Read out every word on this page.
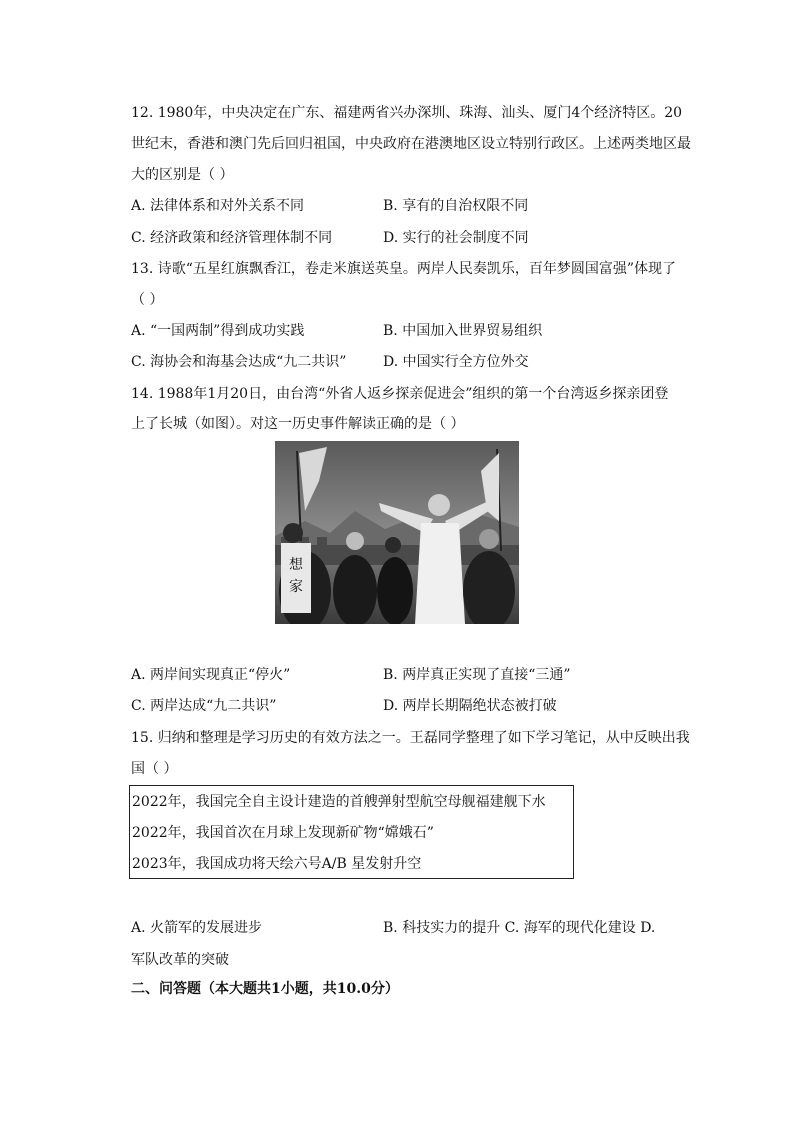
12. 1980年，中央决定在广东、福建两省兴办深圳、珠海、汕头、厦门4个经济特区。20
世纪末，香港和澳门先后回归祖国，中央政府在港澳地区设立特别行政区。上述两类地区最
大的区别是（ ）
A. 法律体系和对外关系不同	B. 享有的自治权限不同
C. 经济政策和经济管理体制不同	D. 实行的社会制度不同
13. 诗歌“五星红旗飘香江，卷走米旗送英皇。两岸人民奏凯乐，百年梦圆国富强”体现了
（ ）
A. “一国两制”得到成功实践	B. 中国加入世界贸易组织
C. 海协会和海基会达成“九二共识”	D. 中国实行全方位外交
14. 1988年1月20日，由台湾“外省人返乡探亲促进会”组织的第一个台湾返乡探亲团登
上了长城（如图）。对这一历史事件解读正确的是（ ）
想
家
A. 两岸间实现真正“停火”	B. 两岸真正实现了直接“三通”
C. 两岸达成“九二共识”	D. 两岸长期隔绝状态被打破
15. 归纳和整理是学习历史的有效方法之一。王磊同学整理了如下学习笔记，从中反映出我
国（ ）
2022年，我国完全自主设计建造的首艘弹射型航空母舰福建舰下水
2022年，我国首次在月球上发现新矿物“嫦娥石”
2023年，我国成功将天绘六号A/B 星发射升空
A. 火箭军的发展进步	B. 科技实力的提升 C. 海军的现代化建设 D.
军队改革的突破
二、问答题（本大题共1小题，共10.0分）
